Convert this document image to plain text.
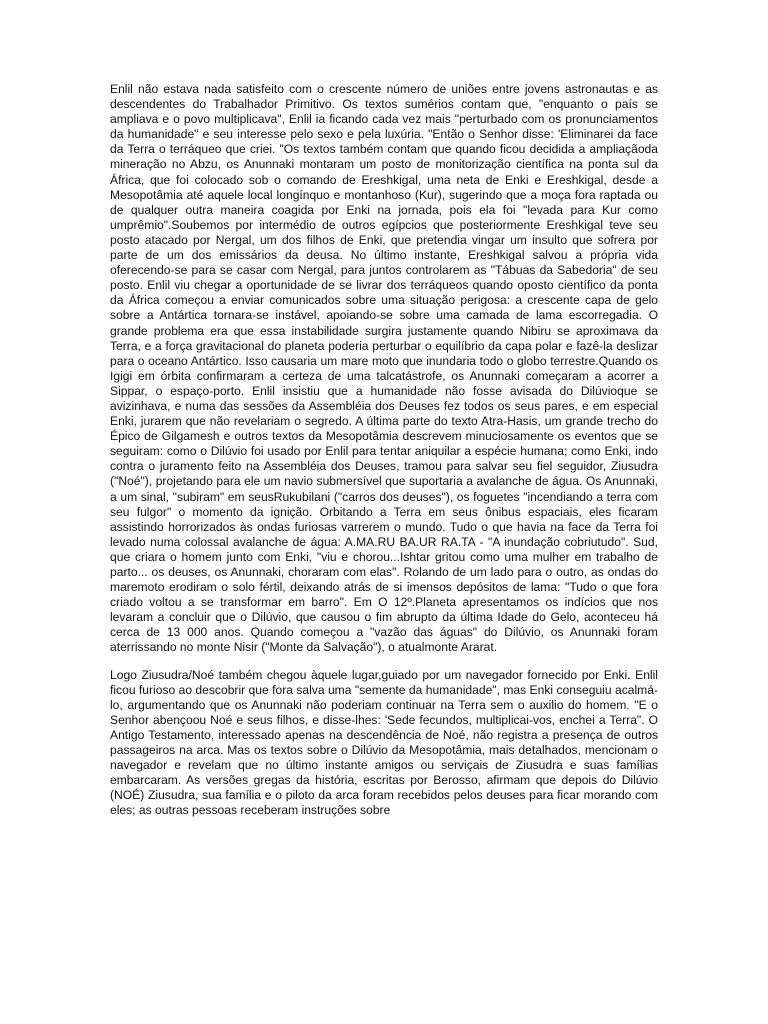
Enlil não estava nada satisfeito com o crescente número de uniões entre jovens astronautas e as descendentes do Trabalhador Primitivo. Os textos sumérios contam que, "enquanto o país se ampliava e o povo multiplicava", Enlil ia ficando cada vez mais "perturbado com os pronunciamentos da humanidade" e seu interesse pelo sexo e pela luxúria. "Então o Senhor disse: 'Eliminarei da face da Terra o terráqueo que criei. "Os textos também contam que quando ficou decidida a ampliaçãoda mineração no Abzu, os Anunnaki montaram um posto de monitorização científica na ponta sul da África, que foi colocado sob o comando de Ereshkigal, uma neta de Enki e Ereshkigal, desde a Mesopotâmia até aquele local longínquo e montanhoso (Kur), sugerindo que a moça fora raptada ou de qualquer outra maneira coagida por Enki na jornada, pois ela foi "levada para Kur como umprêmio".Soubemos por intermédio de outros egípcios que posteriormente Ereshkigal teve seu posto atacado por Nergal, um dos filhos de Enki, que pretendia vingar um insulto que sofrera por parte de um dos emissários da deusa. No último instante, Ereshkigal salvou a própria vida oferecendo-se para se casar com Nergal, para juntos controlarem as "Tábuas da Sabedoria" de seu posto. Enlil viu chegar a oportunidade de se livrar dos terráqueos quando oposto científico da ponta da África começou a enviar comunicados sobre uma situação perigosa: a crescente capa de gelo sobre a Antártica tornara-se instável, apoiando-se sobre uma camada de lama escorregadia. O grande problema era que essa instabilidade surgira justamente quando Nibiru se aproximava da Terra, e a força gravitacional do planeta poderia perturbar o equilíbrio da capa polar e fazê-la deslizar para o oceano Antártico. Isso causaria um mare moto que inundaria todo o globo terrestre.Quando os Igigi em órbita confirmaram a certeza de uma talcatástrofe, os Anunnaki começaram a acorrer a Sippar, o espaço-porto. Enlil insistiu que a humanidade não fosse avisada do Dilúvioque se avizinhava, e numa das sessões da Assembléia dos Deuses fez todos os seus pares, e em especial Enki, jurarem que não revelariam o segredo. A última parte do texto Atra-Hasis, um grande trecho do Épico de Gilgamesh e outros textos da Mesopotâmia descrevem minuciosamente os eventos que se seguiram: como o Dilúvio foi usado por Enlil para tentar aniquilar a espécie humana; como Enki, indo contra o juramento feito na Assembléia dos Deuses, tramou para salvar seu fiel seguidor, Ziusudra ("Noé"), projetando para ele um navio submersível que suportaria a avalanche de água. Os Anunnaki, a um sinal, "subiram" em seusRukubilani ("carros dos deuses"), os foguetes "incendiando a terra com seu fulgor" o momento da ignição. Orbitando a Terra em seus ônibus espaciais, eles ficaram assistindo horrorizados às ondas furiosas varrerem o mundo. Tudo o que havia na face da Terra foi levado numa colossal avalanche de água: A.MA.RU BA.UR RA.TA - "A inundação cobriutudo". Sud, que criara o homem junto com Enki, "viu e chorou...Ishtar gritou como uma mulher em trabalho de parto... os deuses, os Anunnaki, choraram com elas". Rolando de um lado para o outro, as ondas do maremoto erodiram o solo fértil, deixando atrás de si imensos depósitos de lama: "Tudo o que fora criado voltou a se transformar em barro". Em O 12º.Planeta apresentamos os indícios que nos levaram a concluir que o Dilúvio, que causou o fim abrupto da última Idade do Gelo, aconteceu há cerca de 13 000 anos. Quando começou a "vazão das águas" do Dilúvio, os Anunnaki foram aterrissando no monte Nisir ("Monte da Salvação"), o atualmonte Ararat.

Logo Ziusudra/Noé também chegou àquele lugar,guiado por um navegador fornecido por Enki. Enlil ficou furioso ao descobrir que fora salva uma "semente da humanidade", mas Enki conseguiu acalmá-lo, argumentando que os Anunnaki não poderiam continuar na Terra sem o auxilio do homem. "E o Senhor abençoou Noé e seus filhos, e disse-lhes: 'Sede fecundos, multiplicai-vos, enchei a Terra". O Antigo Testamento, interessado apenas na descendência de Noé, não registra a presença de outros passageiros na arca. Mas os textos sobre o Dilúvio da Mesopotâmia, mais detalhados, mencionam o navegador e revelam que no último instante amigos ou serviçais de Ziusudra e suas famílias embarcaram. As versões gregas da história, escritas por Berosso, afirmam que depois do Dilúvio (NOÉ) Ziusudra, sua família e o piloto da arca foram recebidos pelos deuses para ficar morando com eles; as outras pessoas receberam instruções sobre
